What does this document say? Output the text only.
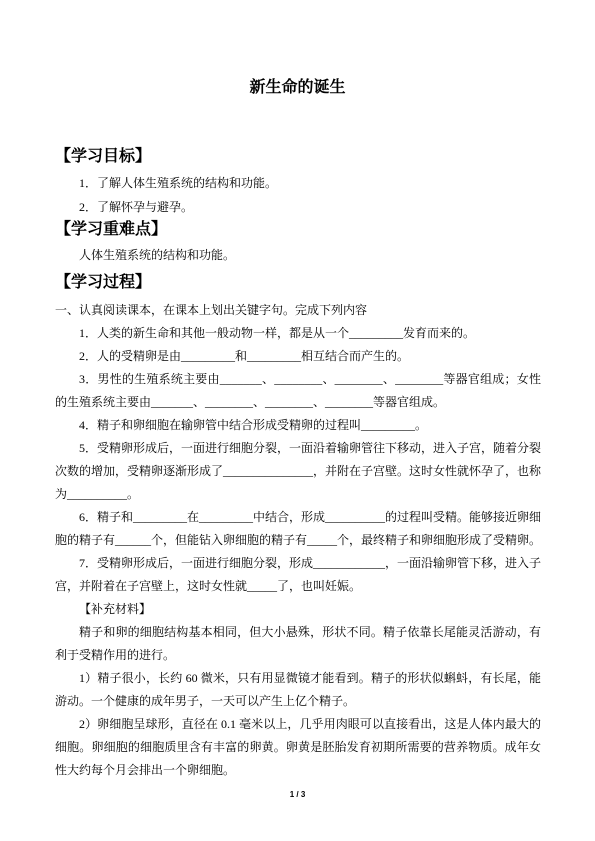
新生命的诞生
【学习目标】
1．了解人体生殖系统的结构和功能。
2．了解怀孕与避孕。
【学习重难点】
人体生殖系统的结构和功能。
【学习过程】
一、认真阅读课本，在课本上划出关键字句。完成下列内容
1．人类的新生命和其他一般动物一样，都是从一个_________发育而来的。
2．人的受精卵是由_________和_________相互结合而产生的。
3．男性的生殖系统主要由_______、________、________、________等器官组成；女性
的生殖系统主要由_______、________、________、________等器官组成。
4．精子和卵细胞在输卵管中结合形成受精卵的过程叫_________。
5．受精卵形成后，一面进行细胞分裂，一面沿着输卵管往下移动，进入子宫，随着分裂
次数的增加，受精卵逐渐形成了_______________，并附在子宫壁。这时女性就怀孕了，也称
为__________。
6．精子和_________在_________中结合，形成__________的过程叫受精。能够接近卵细
胞的精子有______个，但能钻入卵细胞的精子有_____个，最终精子和卵细胞形成了受精卵。
7．受精卵形成后，一面进行细胞分裂，形成____________，一面沿输卵管下移，进入子
宫，并附着在子宫壁上，这时女性就_____了，也叫妊娠。
【补充材料】
精子和卵的细胞结构基本相同，但大小悬殊，形状不同。精子依靠长尾能灵活游动，有
利于受精作用的进行。
1）精子很小，长约 60 微米，只有用显微镜才能看到。精子的形状似蝌蚪，有长尾，能
游动。一个健康的成年男子，一天可以产生上亿个精子。
2）卵细胞呈球形，直径在 0.1 毫米以上，几乎用肉眼可以直接看出，这是人体内最大的
细胞。卵细胞的细胞质里含有丰富的卵黄。卵黄是胚胎发育初期所需要的营养物质。成年女
性大约每个月会排出一个卵细胞。
1 / 3
